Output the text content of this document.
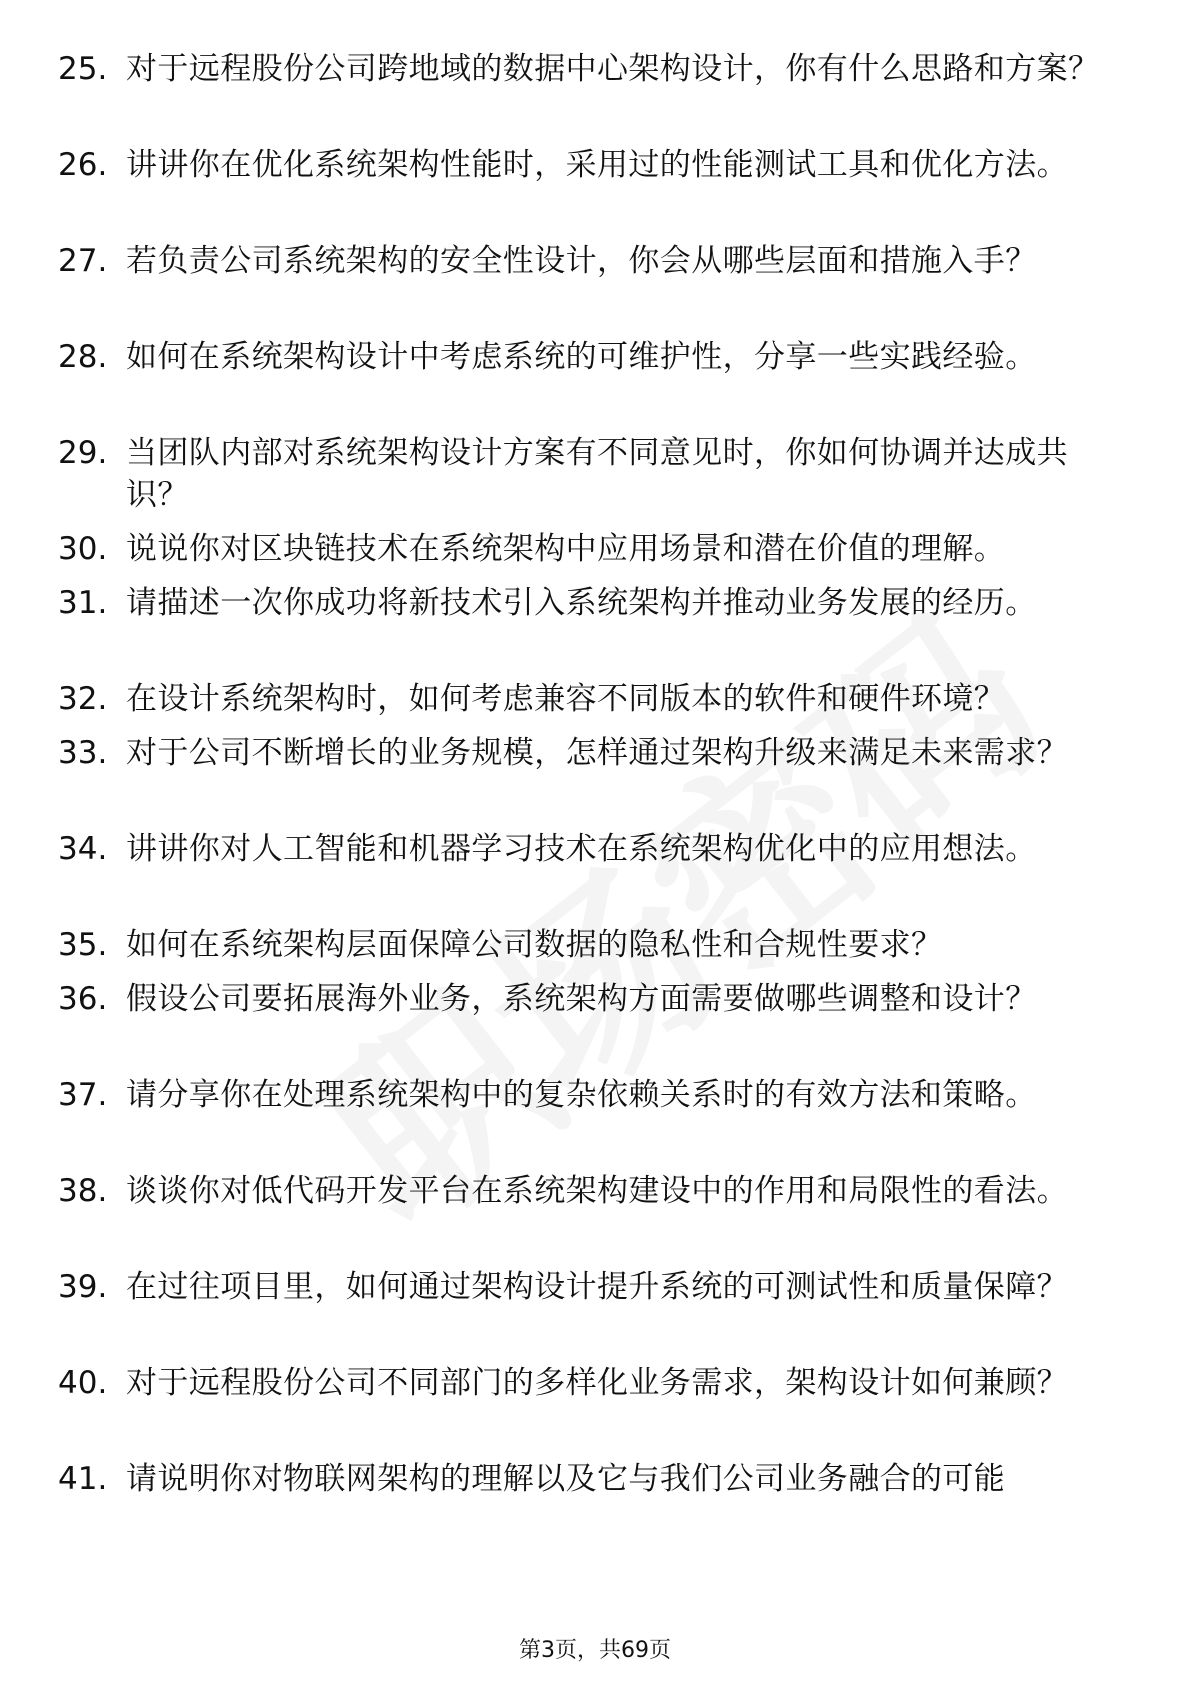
25. 对于远程股份公司跨地域的数据中心架构设计，你有什么思路和方案？
26. 讲讲你在优化系统架构性能时，采用过的性能测试工具和优化方法。
27. 若负责公司系统架构的安全性设计，你会从哪些层面和措施入手？
28. 如何在系统架构设计中考虑系统的可维护性，分享一些实践经验。
29. 当团队内部对系统架构设计方案有不同意见时，你如何协调并达成共识？
30. 说说你对区块链技术在系统架构中应用场景和潜在价值的理解。
31. 请描述一次你成功将新技术引入系统架构并推动业务发展的经历。
32. 在设计系统架构时，如何考虑兼容不同版本的软件和硬件环境？
33. 对于公司不断增长的业务规模，怎样通过架构升级来满足未来需求？
34. 讲讲你对人工智能和机器学习技术在系统架构优化中的应用想法。
35. 如何在系统架构层面保障公司数据的隐私性和合规性要求？
36. 假设公司要拓展海外业务，系统架构方面需要做哪些调整和设计？
37. 请分享你在处理系统架构中的复杂依赖关系时的有效方法和策略。
38. 谈谈你对低代码开发平台在系统架构建设中的作用和局限性的看法。
39. 在过往项目里，如何通过架构设计提升系统的可测试性和质量保障？
40. 对于远程股份公司不同部门的多样化业务需求，架构设计如何兼顾？
41. 请说明你对物联网架构的理解以及它与我们公司业务融合的可能
第3页，共69页
